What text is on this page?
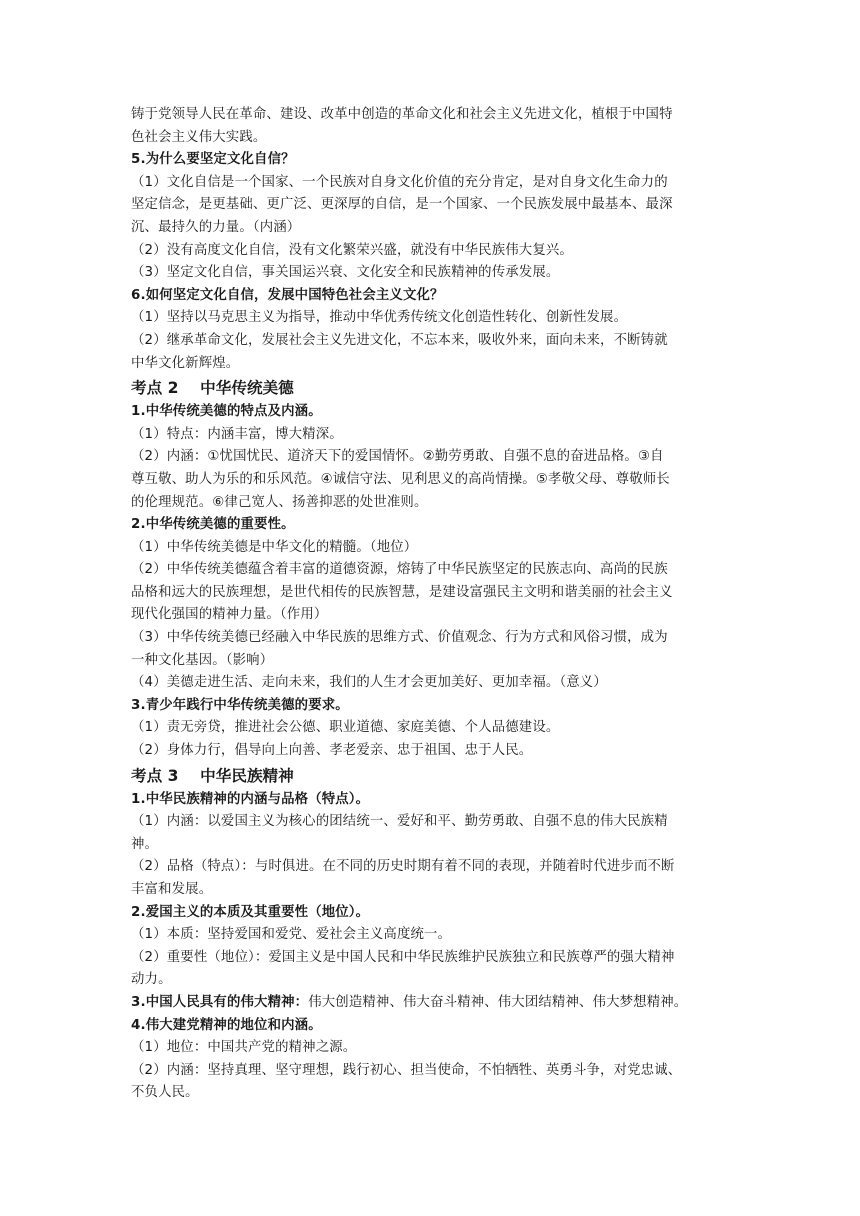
铸于党领导人民在革命、建设、改革中创造的革命文化和社会主义先进文化，植根于中国特
色社会主义伟大实践。
5.为什么要坚定文化自信？
（1）文化自信是一个国家、一个民族对自身文化价值的充分肯定，是对自身文化生命力的
坚定信念，是更基础、更广泛、更深厚的自信，是一个国家、一个民族发展中最基本、最深
沉、最持久的力量。（内涵）
（2）没有高度文化自信，没有文化繁荣兴盛，就没有中华民族伟大复兴。
（3）坚定文化自信，事关国运兴衰、文化安全和民族精神的传承发展。
6.如何坚定文化自信，发展中国特色社会主义文化？
（1）坚持以马克思主义为指导，推动中华优秀传统文化创造性转化、创新性发展。
（2）继承革命文化，发展社会主义先进文化，不忘本来，吸收外来，面向未来，不断铸就
中华文化新辉煌。
考点 2    中华传统美德
1.中华传统美德的特点及内涵。
（1）特点：内涵丰富，博大精深。
（2）内涵：①忧国忧民、道济天下的爱国情怀。②勤劳勇敢、自强不息的奋进品格。③自
尊互敬、助人为乐的和乐风范。④诚信守法、见利思义的高尚情操。⑤孝敬父母、尊敬师长
的伦理规范。⑥律己宽人、扬善抑恶的处世准则。
2.中华传统美德的重要性。
（1）中华传统美德是中华文化的精髓。（地位）
（2）中华传统美德蕴含着丰富的道德资源，熔铸了中华民族坚定的民族志向、高尚的民族
品格和远大的民族理想，是世代相传的民族智慧，是建设富强民主文明和谐美丽的社会主义
现代化强国的精神力量。（作用）
（3）中华传统美德已经融入中华民族的思维方式、价值观念、行为方式和风俗习惯，成为
一种文化基因。（影响）
（4）美德走进生活、走向未来，我们的人生才会更加美好、更加幸福。（意义）
3.青少年践行中华传统美德的要求。
（1）责无旁贷，推进社会公德、职业道德、家庭美德、个人品德建设。
（2）身体力行，倡导向上向善、孝老爱亲、忠于祖国、忠于人民。
考点 3    中华民族精神
1.中华民族精神的内涵与品格（特点）。
（1）内涵：以爱国主义为核心的团结统一、爱好和平、勤劳勇敢、自强不息的伟大民族精
神。
（2）品格（特点）：与时俱进。在不同的历史时期有着不同的表现，并随着时代进步而不断
丰富和发展。
2.爱国主义的本质及其重要性（地位）。
（1）本质：坚持爱国和爱党、爱社会主义高度统一。
（2）重要性（地位）：爱国主义是中国人民和中华民族维护民族独立和民族尊严的强大精神
动力。
3.中国人民具有的伟大精神：伟大创造精神、伟大奋斗精神、伟大团结精神、伟大梦想精神。
4.伟大建党精神的地位和内涵。
（1）地位：中国共产党的精神之源。
（2）内涵：坚持真理、坚守理想，践行初心、担当使命，不怕牺牲、英勇斗争，对党忠诚、
不负人民。
